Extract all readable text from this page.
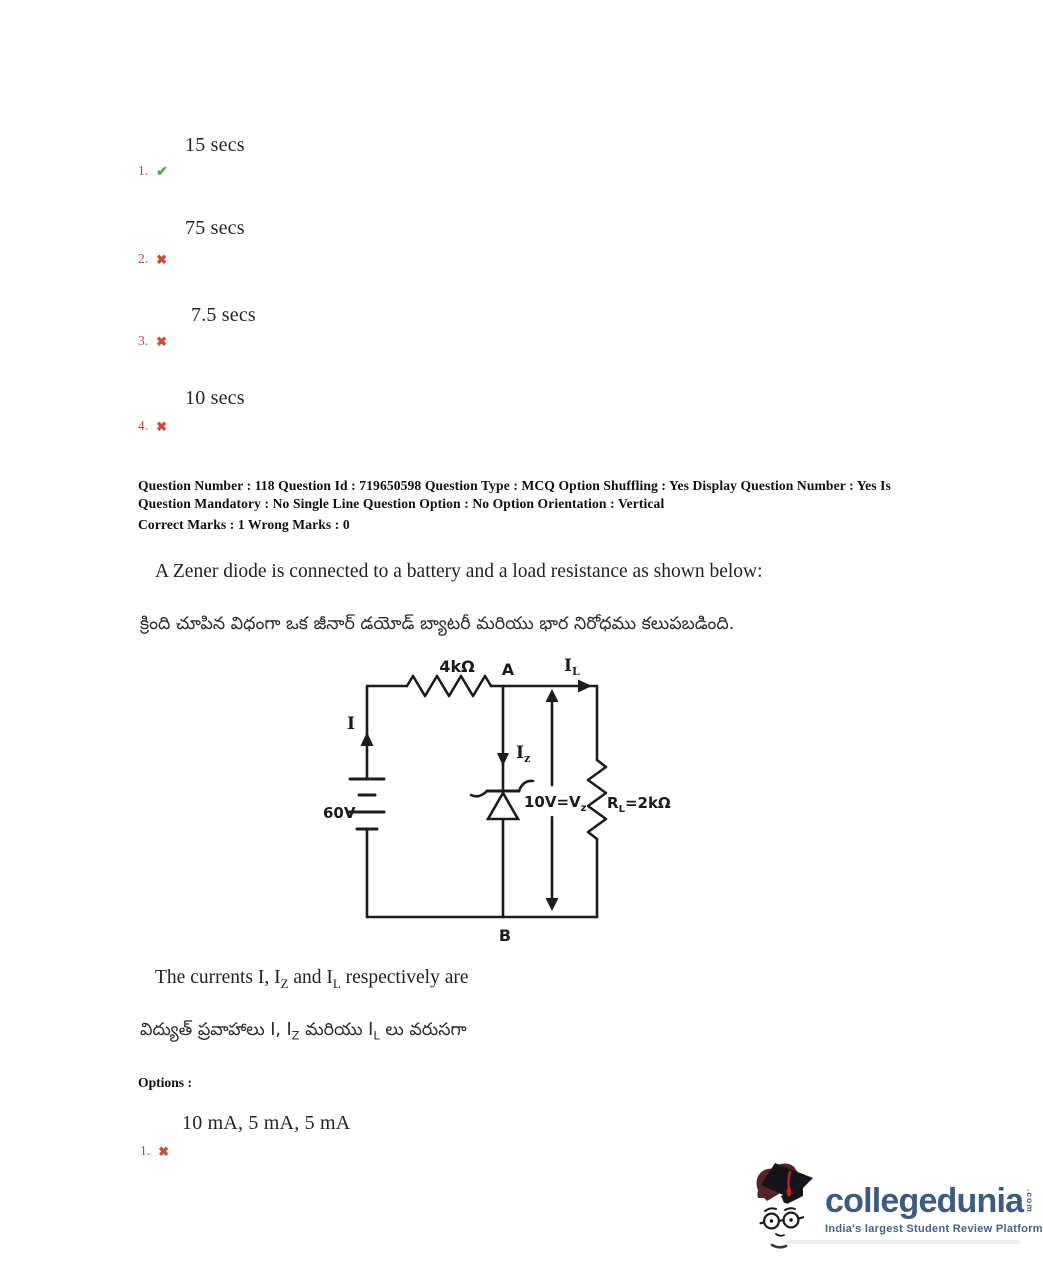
15 secs
1. ✔
75 secs
2. ✖
7.5 secs
3. ✖
10 secs
4. ✖
Question Number : 118 Question Id : 719650598 Question Type : MCQ Option Shuffling : Yes Display Question Number : Yes Is
Question Mandatory : No Single Line Question Option : No Option Orientation : Vertical
Correct Marks : 1 Wrong Marks : 0
A Zener diode is connected to a battery and a load resistance as shown below:
క్రింది చూపిన విధంగా ఒక జీనార్ డయోడ్ బ్యాటరీ మరియు భార నిరోధము కలుపబడింది.
4kΩ A	$I_L$
I
60V
$I_z$
$10V=V_z$ $R_L=2k\Omega$
B
The currents I, $I_Z$ and $I_L$ respectively are
విద్యుత్ ప్రవాహాలు I, $I_Z$ మరియు $I_L$ లు వరుసగా
Options :
10 mA, 5 mA, 5 mA
1. ✖
collegedunia .com
India's largest Student Review Platform
